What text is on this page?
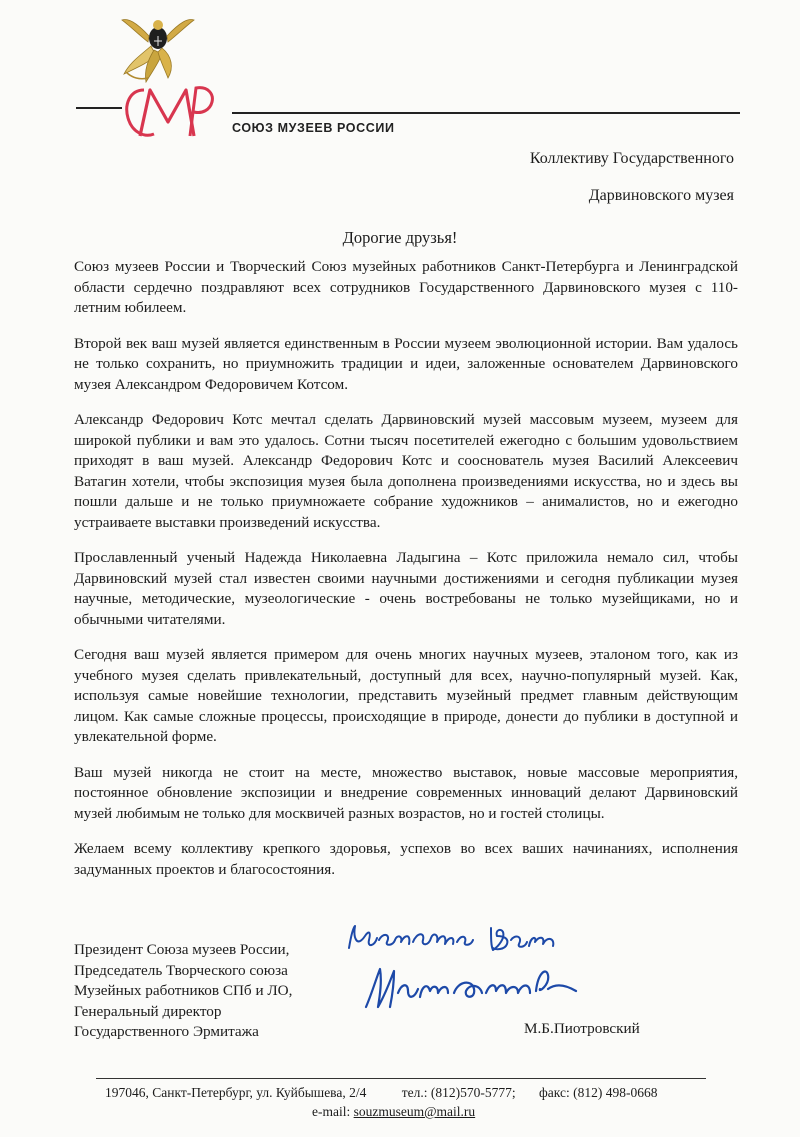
СОЮЗ МУЗЕЕВ РОССИИ
Коллективу Государственного
Дарвиновского музея
Дорогие друзья!

Союз музеев России и Творческий Союз музейных работников Санкт-Петербурга и Ленинградской области сердечно поздравляют всех сотрудников Государственного Дарвиновского музея с 110-летним юбилеем.

Второй век ваш музей является единственным в России музеем эволюционной истории. Вам удалось не только сохранить, но приумножить традиции и идеи, заложенные основателем Дарвиновского музея Александром Федоровичем Котсом.

Александр Федорович Котс мечтал сделать Дарвиновский музей массовым музеем, музеем для широкой публики и вам это удалось. Сотни тысяч посетителей ежегодно с большим удовольствием приходят в ваш музей. Александр Федорович Котс и сооснователь музея Василий Алексеевич Ватагин хотели, чтобы экспозиция музея была дополнена произведениями искусства, но и здесь вы пошли дальше и не только приумножаете собрание художников – анималистов, но и ежегодно устраиваете выставки произведений искусства.

Прославленный ученый Надежда Николаевна Ладыгина – Котс приложила немало сил, чтобы Дарвиновский музей стал известен своими научными достижениями и сегодня публикации музея научные, методические, музеологические - очень востребованы не только музейщиками, но и обычными читателями.

Сегодня ваш музей является примером для очень многих научных музеев, эталоном того, как из учебного музея сделать привлекательный, доступный для всех, научно-популярный музей. Как, используя самые новейшие технологии, представить музейный предмет главным действующим лицом. Как самые сложные процессы, происходящие в природе, донести до публики в доступной и увлекательной форме.

Ваш музей никогда не стоит на месте, множество выставок, новые массовые мероприятия, постоянное обновление экспозиции и внедрение современных инноваций делают Дарвиновский музей любимым не только для москвичей разных возрастов, но и гостей столицы.

Желаем всему коллективу крепкого здоровья, успехов во всех ваших начинаниях, исполнения задуманных проектов и благосостояния.

Президент Союза музеев России,
Председатель Творческого союза
Музейных работников СПб и ЛО,
Генеральный директор
Государственного Эрмитажа	М.Б.Пиотровский
197046, Санкт-Петербург, ул. Куйбышева, 2/4	тел.: (812)570-5777; факс: (812) 498-0668
e-mail: souzmuseum@mail.ru
